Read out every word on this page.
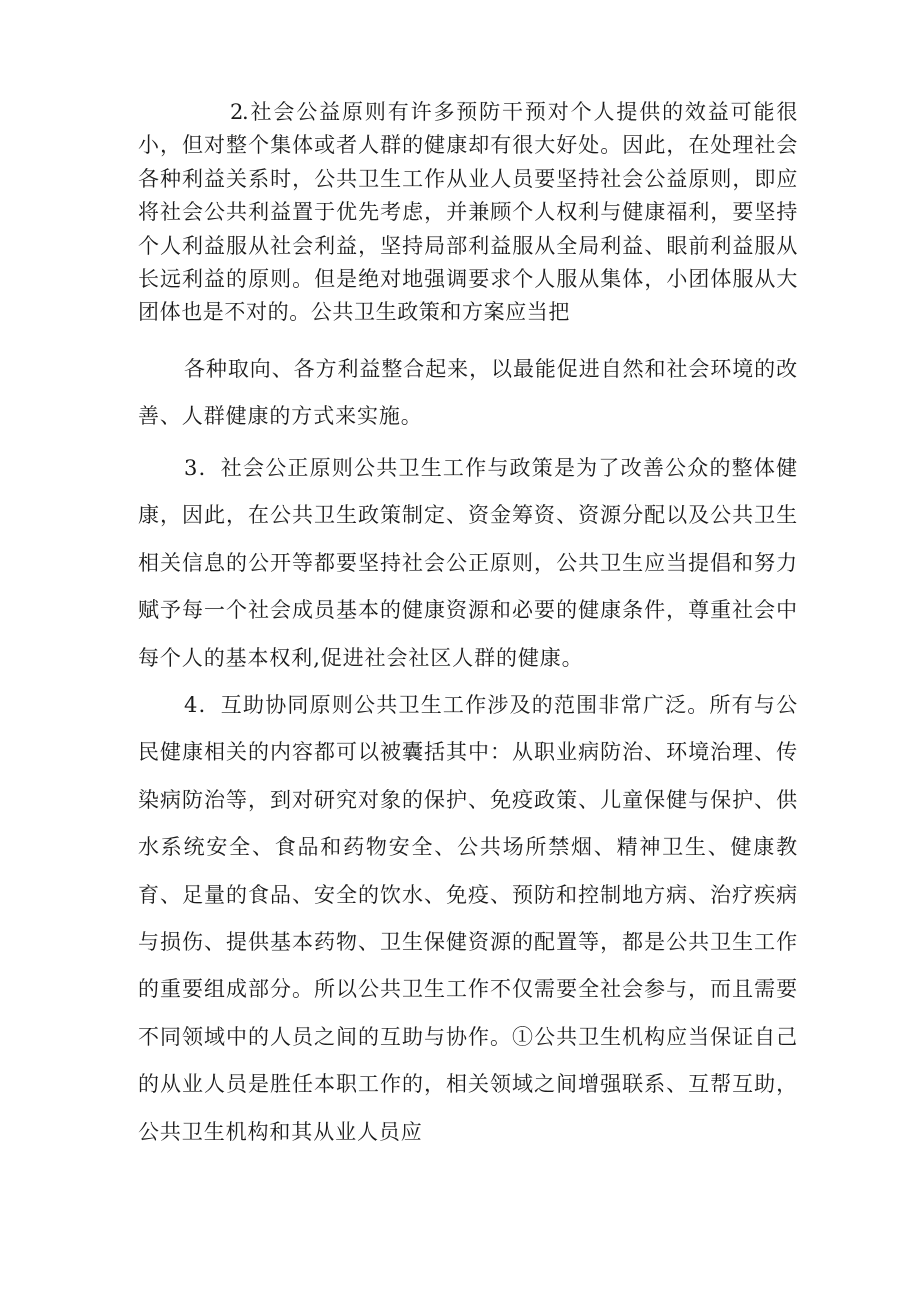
2.社会公益原则有许多预防干预对个人提供的效益可能很小，但对整个集体或者人群的健康却有很大好处。因此，在处理社会各种利益关系时，公共卫生工作从业人员要坚持社会公益原则，即应将社会公共利益置于优先考虑，并兼顾个人权利与健康福利，要坚持个人利益服从社会利益，坚持局部利益服从全局利益、眼前利益服从长远利益的原则。但是绝对地强调要求个人服从集体，小团体服从大团体也是不对的。公共卫生政策和方案应当把

各种取向、各方利益整合起来，以最能促进自然和社会环境的改善、人群健康的方式来实施。

3．社会公正原则公共卫生工作与政策是为了改善公众的整体健康，因此，在公共卫生政策制定、资金筹资、资源分配以及公共卫生相关信息的公开等都要坚持社会公正原则，公共卫生应当提倡和努力赋予每一个社会成员基本的健康资源和必要的健康条件，尊重社会中每个人的基本权利,促进社会社区人群的健康。

4．互助协同原则公共卫生工作涉及的范围非常广泛。所有与公民健康相关的内容都可以被囊括其中：从职业病防治、环境治理、传染病防治等，到对研究对象的保护、免疫政策、儿童保健与保护、供水系统安全、食品和药物安全、公共场所禁烟、精神卫生、健康教育、足量的食品、安全的饮水、免疫、预防和控制地方病、治疗疾病与损伤、提供基本药物、卫生保健资源的配置等，都是公共卫生工作的重要组成部分。所以公共卫生工作不仅需要全社会参与，而且需要不同领域中的人员之间的互助与协作。①公共卫生机构应当保证自己的从业人员是胜任本职工作的，相关领域之间增强联系、互帮互助，公共卫生机构和其从业人员应
